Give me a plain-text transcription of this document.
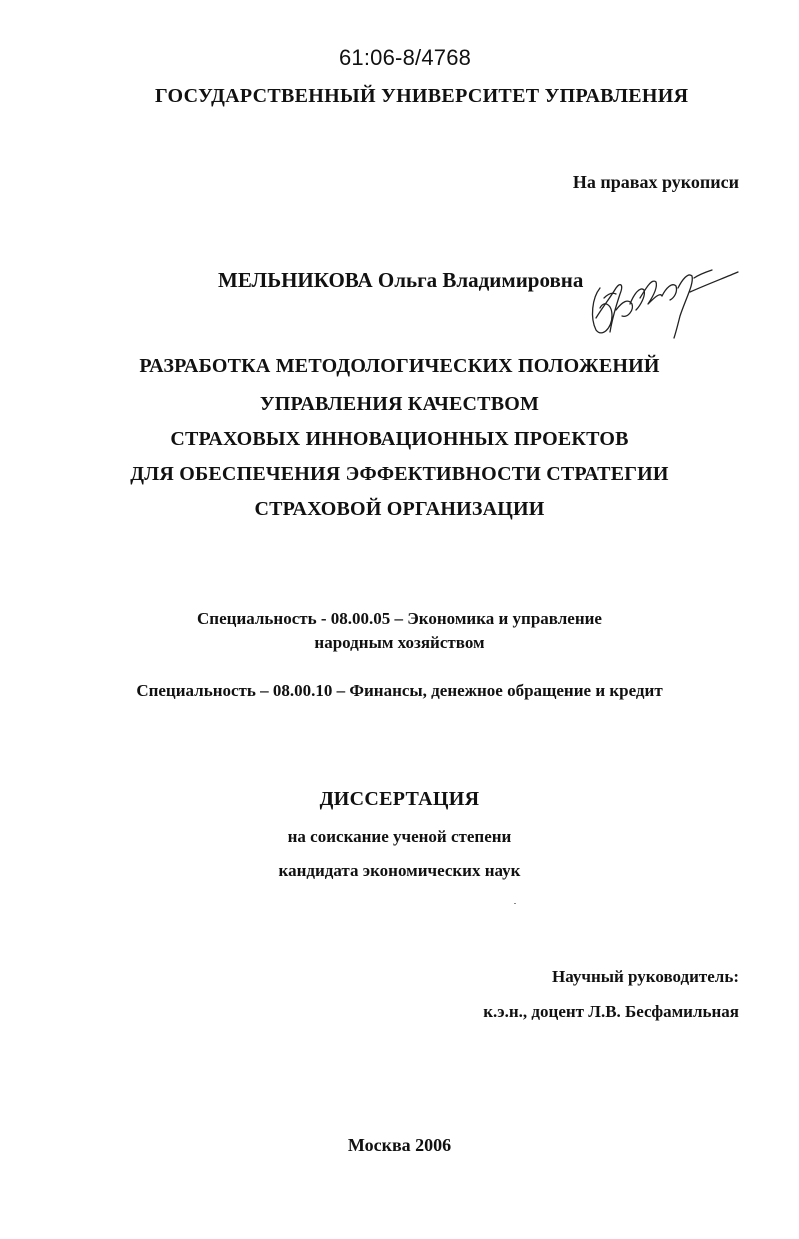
61:06-8/4768
ГОСУДАРСТВЕННЫЙ УНИВЕРСИТЕТ УПРАВЛЕНИЯ
На правах рукописи
МЕЛЬНИКОВА Ольга Владимировна
РАЗРАБОТКА МЕТОДОЛОГИЧЕСКИХ ПОЛОЖЕНИЙ
УПРАВЛЕНИЯ КАЧЕСТВОМ
СТРАХОВЫХ ИННОВАЦИОННЫХ ПРОЕКТОВ
ДЛЯ ОБЕСПЕЧЕНИЯ ЭФФЕКТИВНОСТИ СТРАТЕГИИ
СТРАХОВОЙ ОРГАНИЗАЦИИ
Специальность - 08.00.05 – Экономика и управление
народным хозяйством
Специальность – 08.00.10 – Финансы, денежное обращение и кредит
ДИССЕРТАЦИЯ
на соискание ученой степени
кандидата экономических наук
Научный руководитель:
к.э.н., доцент Л.В. Бесфамильная
Москва 2006
